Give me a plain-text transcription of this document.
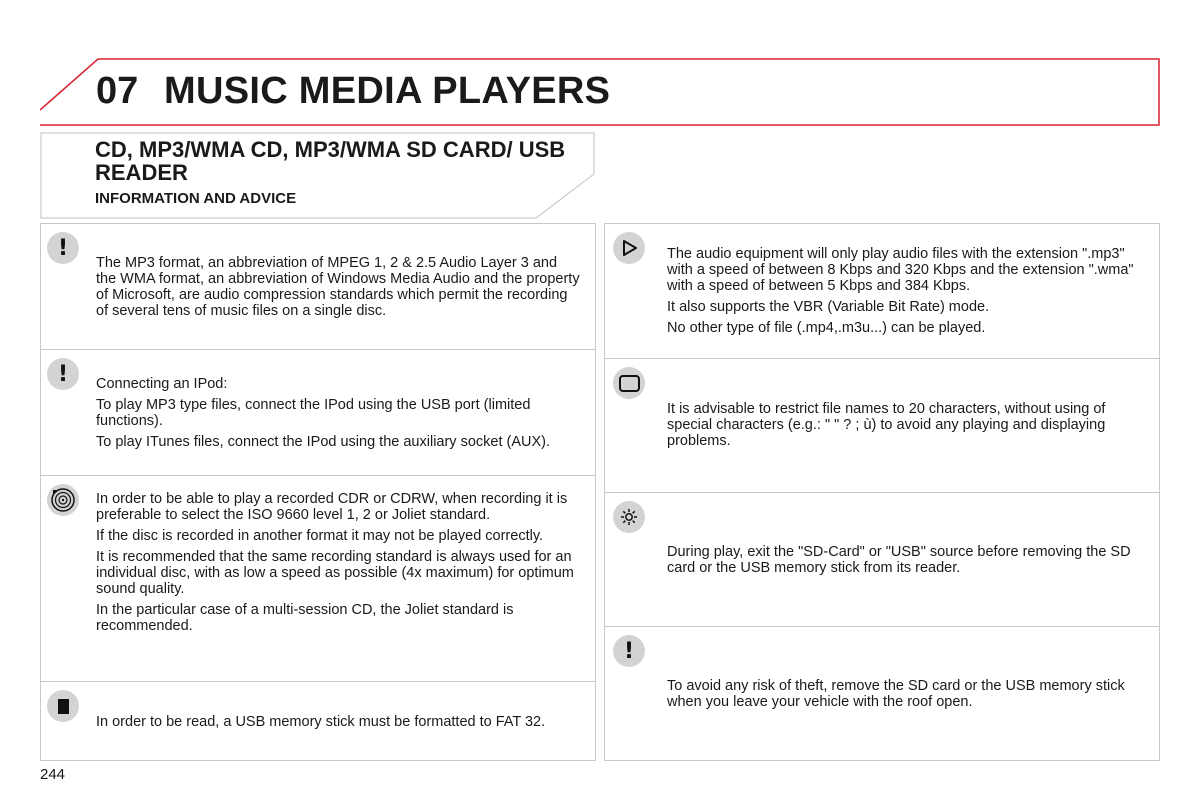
07 MUSIC MEDIA PLAYERS
CD, MP3/WMA CD, MP3/WMA SD CARD/ USB READER
INFORMATION AND ADVICE
!

The MP3 format, an abbreviation of MPEG 1, 2 & 2.5 Audio Layer 3 and the WMA format, an abbreviation of Windows Media Audio and the property of Microsoft, are audio compression standards which permit the recording of several tens of music files on a single disc.

! Connecting an IPod:

To play MP3 type files, connect the IPod using the USB port (limited functions).

To play ITunes files, connect the IPod using the auxiliary socket (AUX).

In order to be able to play a recorded CDR or CDRW, when recording it is preferable to select the ISO 9660 level 1, 2 or Joliet standard.

If the disc is recorded in another format it may not be played correctly.

It is recommended that the same recording standard is always used for an individual disc, with as low a speed as possible (4x maximum) for optimum sound quality.

In the particular case of a multi-session CD, the Joliet standard is recommended.

In order to be read, a USB memory stick must be formatted to FAT 32.

The audio equipment will only play audio files with the extension ".mp3" with a speed of between 8 Kbps and 320 Kbps and the extension ".wma" with a speed of between 5 Kbps and 384 Kbps.

It also supports the VBR (Variable Bit Rate) mode.

No other type of file (.mp4,.m3u...) can be played.

It is advisable to restrict file names to 20 characters, without using of special characters (e.g.: " " ? ; ù) to avoid any playing and displaying problems.

During play, exit the "SD-Card" or "USB" source before removing the SD card or the USB memory stick from its reader.

!

To avoid any risk of theft, remove the SD card or the USB memory stick when you leave your vehicle with the roof open.

244
